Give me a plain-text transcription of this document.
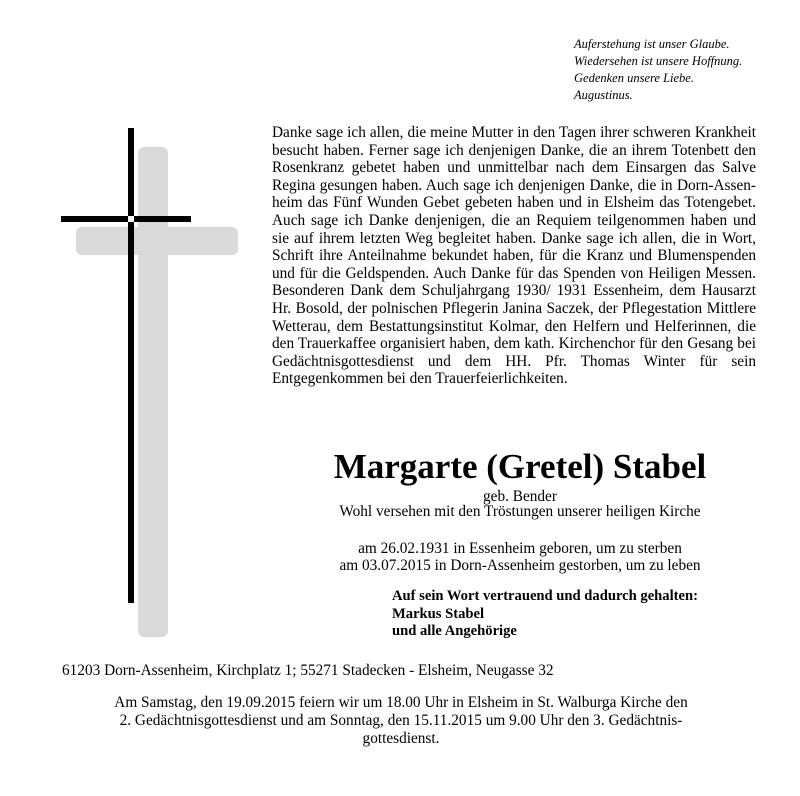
Auferstehung ist unser Glaube.
Wiedersehen ist unsere Hoffnung.
Gedenken unsere Liebe.
Augustinus.
Danke sage ich allen, die meine Mutter in den Tagen ihrer schweren Krankheit besucht haben. Ferner sage ich denjenigen Danke, die an ihrem Totenbett den Rosenkranz gebetet haben und unmittelbar nach dem Einsargen das Salve Regina gesungen haben. Auch sage ich denjenigen Danke, die in Dorn-Assenheim das Fünf Wunden Gebet gebeten haben und in Elsheim das Totengebet. Auch sage ich Danke denjenigen, die an Requiem teilgenommen haben und sie auf ihrem letzten Weg begleitet haben. Danke sage ich allen, die in Wort, Schrift ihre Anteilnahme bekundet haben, für die Kranz und Blumenspenden und für die Geldspenden. Auch Danke für das Spenden von Heiligen Messen. Besonderen Dank dem Schuljahrgang 1930/ 1931 Essenheim, dem Hausarzt Hr. Bosold, der polnischen Pflegerin Janina Saczek, der Pflegestation Mittlere Wetterau, dem Bestattungsinstitut Kolmar, den Helfern und Helferinnen, die den Trauerkaffee organisiert haben, dem kath. Kirchenchor für den Gesang bei Gedächtnisgottesdienst und dem HH. Pfr. Thomas Winter für sein Entgegenkommen bei den Trauerfeierlichkeiten.
Margarte (Gretel) Stabel
geb. Bender
Wohl versehen mit den Tröstungen unserer heiligen Kirche
am 26.02.1931 in Essenheim geboren, um zu sterben
am 03.07.2015 in Dorn-Assenheim gestorben, um zu leben
Auf sein Wort vertrauend und dadurch gehalten:
Markus Stabel
und alle Angehörige
61203 Dorn-Assenheim, Kirchplatz 1; 55271 Stadecken - Elsheim, Neugasse 32
Am Samstag, den 19.09.2015 feiern wir um 18.00 Uhr in Elsheim in St. Walburga Kirche den
2. Gedächtnisgottesdienst und am Sonntag, den 15.11.2015 um 9.00 Uhr den 3. Gedächtnis-
gottesdienst.
